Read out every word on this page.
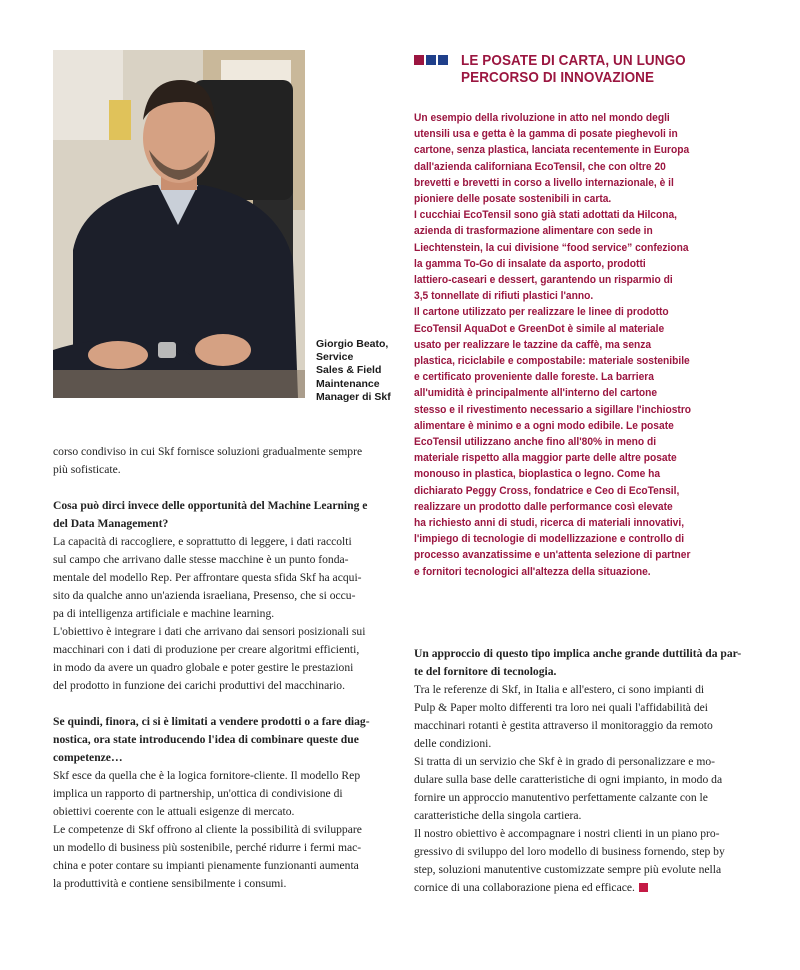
Giorgio Beato,
Service
Sales & Field
Maintenance
Manager di Skf
LE POSATE DI CARTA, UN LUNGO
PERCORSO DI INNOVAZIONE
Un esempio della rivoluzione in atto nel mondo degli
utensili usa e getta è la gamma di posate pieghevoli in
cartone, senza plastica, lanciata recentemente in Europa
dall'azienda californiana EcoTensil, che con oltre 20
brevetti e brevetti in corso a livello internazionale, è il
pioniere delle posate sostenibili in carta.
I cucchiai EcoTensil sono già stati adottati da Hilcona,
azienda di trasformazione alimentare con sede in
Liechtenstein, la cui divisione “food service” confeziona
la gamma To-Go di insalate da asporto, prodotti
lattiero-caseari e dessert, garantendo un risparmio di
3,5 tonnellate di rifiuti plastici l'anno.
Il cartone utilizzato per realizzare le linee di prodotto
EcoTensil AquaDot e GreenDot è simile al materiale
usato per realizzare le tazzine da caffè, ma senza
plastica, riciclabile e compostabile: materiale sostenibile
e certificato proveniente dalle foreste. La barriera
all'umidità è principalmente all'interno del cartone
stesso e il rivestimento necessario a sigillare l'inchiostro
alimentare è minimo e a ogni modo edibile. Le posate
EcoTensil utilizzano anche fino all'80% in meno di
materiale rispetto alla maggior parte delle altre posate
monouso in plastica, bioplastica o legno. Come ha
dichiarato Peggy Cross, fondatrice e Ceo di EcoTensil,
realizzare un prodotto dalle performance così elevate
ha richiesto anni di studi, ricerca di materiali innovativi,
l'impiego di tecnologie di modellizzazione e controllo di
processo avanzatissime e un'attenta selezione di partner
e fornitori tecnologici all'altezza della situazione.
corso condiviso in cui Skf fornisce soluzioni gradualmente sempre
più sofisticate.
Cosa può dirci invece delle opportunità del Machine Learning e
del Data Management?
La capacità di raccogliere, e soprattutto di leggere, i dati raccolti
sul campo che arrivano dalle stesse macchine è un punto fonda-
mentale del modello Rep. Per affrontare questa sfida Skf ha acqui-
sito da qualche anno un'azienda israeliana, Presenso, che si occu-
pa di intelligenza artificiale e machine learning.
L'obiettivo è integrare i dati che arrivano dai sensori posizionali sui
macchinari con i dati di produzione per creare algoritmi efficienti,
in modo da avere un quadro globale e poter gestire le prestazioni
del prodotto in funzione dei carichi produttivi del macchinario.
Se quindi, finora, ci si è limitati a vendere prodotti o a fare diag-
nostica, ora state introducendo l'idea di combinare queste due
competenze…
Skf esce da quella che è la logica fornitore-cliente. Il modello Rep
implica un rapporto di partnership, un'ottica di condivisione di
obiettivi coerente con le attuali esigenze di mercato.
Le competenze di Skf offrono al cliente la possibilità di sviluppare
un modello di business più sostenibile, perché ridurre i fermi mac-
china e poter contare su impianti pienamente funzionanti aumenta
la produttività e contiene sensibilmente i consumi.
Un approccio di questo tipo implica anche grande duttilità da par-
te del fornitore di tecnologia.
Tra le referenze di Skf, in Italia e all'estero, ci sono impianti di
Pulp & Paper molto differenti tra loro nei quali l'affidabilità dei
macchinari rotanti è gestita attraverso il monitoraggio da remoto
delle condizioni.
Si tratta di un servizio che Skf è in grado di personalizzare e mo-
dulare sulla base delle caratteristiche di ogni impianto, in modo da
fornire un approccio manutentivo perfettamente calzante con le
caratteristiche della singola cartiera.
Il nostro obiettivo è accompagnare i nostri clienti in un piano pro-
gressivo di sviluppo del loro modello di business fornendo, step by
step, soluzioni manutentive customizzate sempre più evolute nella
cornice di una collaborazione piena ed efficace.
